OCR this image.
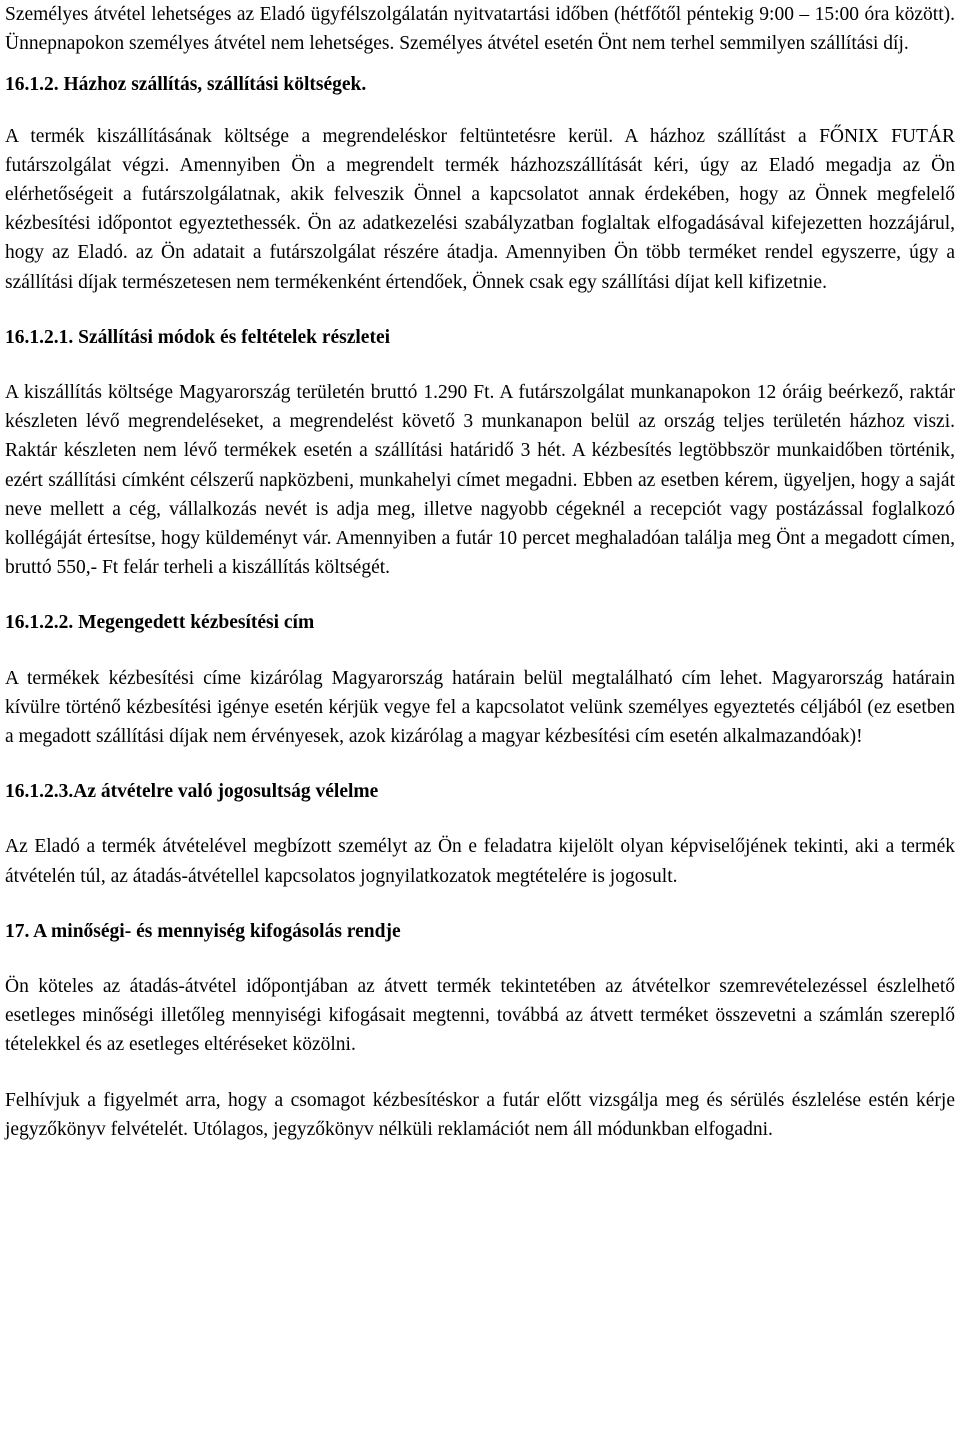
Személyes átvétel lehetséges az Eladó ügyfélszolgálatán nyitvatartási időben (hétfőtől péntekig 9:00 – 15:00 óra között). Ünnepnapokon személyes átvétel nem lehetséges. Személyes átvétel esetén Önt nem terhel semmilyen szállítási díj.

16.1.2. Házhoz szállítás, szállítási költségek.

A termék kiszállításának költsége a megrendeléskor feltüntetésre kerül. A házhoz szállítást a FŐNIX FUTÁR futárszolgálat végzi. Amennyiben Ön a megrendelt termék házhozszállítását kéri, úgy az Eladó megadja az Ön elérhetőségeit a futárszolgálatnak, akik felveszik Önnel a kapcsolatot annak érdekében, hogy az Önnek megfelelő kézbesítési időpontot egyeztethessék. Ön az adatkezelési szabályzatban foglaltak elfogadásával kifejezetten hozzájárul, hogy az Eladó. az Ön adatait a futárszolgálat részére átadja. Amennyiben Ön több terméket rendel egyszerre, úgy a szállítási díjak természetesen nem termékenként értendőek, Önnek csak egy szállítási díjat kell kifizetnie.

16.1.2.1. Szállítási módok és feltételek részletei

A kiszállítás költsége Magyarország területén bruttó 1.290 Ft. A futárszolgálat munkanapokon 12 óráig beérkező, raktár készleten lévő megrendeléseket, a megrendelést követő 3 munkanapon belül az ország teljes területén házhoz viszi. Raktár készleten nem lévő termékek esetén a szállítási határidő 3 hét. A kézbesítés legtöbbször munkaidőben történik, ezért szállítási címként célszerű napközbeni, munkahelyi címet megadni. Ebben az esetben kérem, ügyeljen, hogy a saját neve mellett a cég, vállalkozás nevét is adja meg, illetve nagyobb cégeknél a recepciót vagy postázással foglalkozó kollégáját értesítse, hogy küldeményt vár. Amennyiben a futár 10 percet meghaladóan találja meg Önt a megadott címen, bruttó 550,- Ft felár terheli a kiszállítás költségét.

16.1.2.2. Megengedett kézbesítési cím

A termékek kézbesítési címe kizárólag Magyarország határain belül megtalálható cím lehet. Magyarország határain kívülre történő kézbesítési igénye esetén kérjük vegye fel a kapcsolatot velünk személyes egyeztetés céljából (ez esetben a megadott szállítási díjak nem érvényesek, azok kizárólag a magyar kézbesítési cím esetén alkalmazandóak)!

16.1.2.3.Az átvételre való jogosultság vélelme

Az Eladó a termék átvételével megbízott személyt az Ön e feladatra kijelölt olyan képviselőjének tekinti, aki a termék átvételén túl, az átadás-átvétellel kapcsolatos jognyilatkozatok megtételére is jogosult.

17. A minőségi- és mennyiség kifogásolás rendje

Ön köteles az átadás-átvétel időpontjában az átvett termék tekintetében az átvételkor szemrevételezéssel észlelhető esetleges minőségi illetőleg mennyiségi kifogásait megtenni, továbbá az átvett terméket összevetni a számlán szereplő tételekkel és az esetleges eltéréseket közölni.

Felhívjuk a figyelmét arra, hogy a csomagot kézbesítéskor a futár előtt vizsgálja meg és sérülés észlelése estén kérje jegyzőkönyv felvételét. Utólagos, jegyzőkönyv nélküli reklamációt nem áll módunkban elfogadni.
